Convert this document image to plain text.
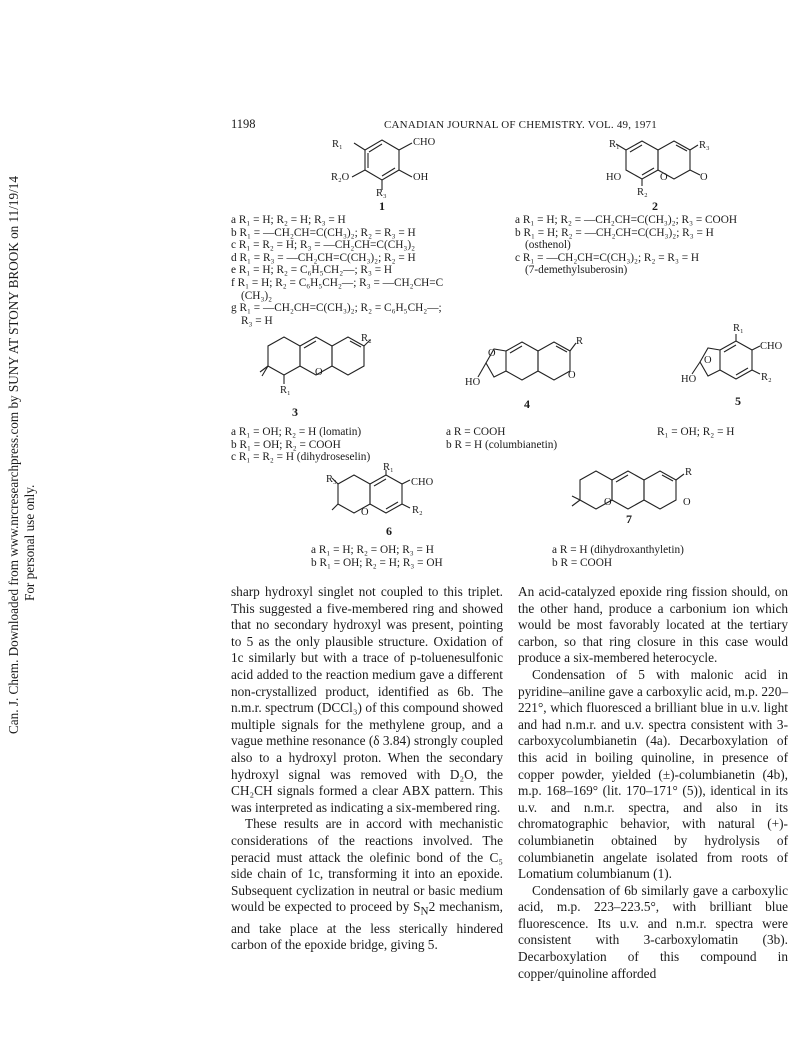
Can. J. Chem. Downloaded from www.nrcresearchpress.com by SUNY AT STONY BROOK on 11/19/14 For personal use only.
1198	CANADIAN JOURNAL OF CHEMISTRY. VOL. 49, 1971
R₁	CHO
R₂O	OH
R₃
1
R₁	R₃
HO	O	O
R₂
2
a R₁ = H; R₂ = H; R₃ = H
b R₁ = —CH₂CH=C(CH₃)₂; R₂ = R₃ = H
c R₁ = R₂ = H; R₃ = —CH₂CH=C(CH₃)₂
d R₁ = R₃ = —CH₂CH=C(CH₃)₂; R₂ = H
e R₁ = H; R₂ = C₆H₅CH₂—; R₃ = H
f R₁ = H; R₂ = C₆H₅CH₂—; R₃ = —CH₂CH=C
(CH₃)₂
g R₁ = —CH₂CH=C(CH₃)₂; R₂ = C₆H₅CH₂—;
R₃ = H
a R₁ = H; R₂ = —CH₂CH=C(CH₃)₂; R₃ = COOH
b R₁ = H; R₂ = —CH₂CH=C(CH₃)₂; R₃ = H
(osthenol)
c R₁ = —CH₂CH=C(CH₃)₂; R₂ = R₃ = H
(7-demethylsuberosin)
R₂
O
R₁
3
R
O
O
HO
4
R₁
CHO
O
HO	R₂
5
a R₁ = OH; R₂ = H (lomatin)
b R₁ = OH; R₂ = COOH
c R₁ = R₂ = H (dihydroseselin)
a R = COOH
b R = H (columbianetin)
R₁ = OH; R₂ = H
R₁
R₃	CHO
O	R₂
6
R
O	O
7
a R₁ = H; R₂ = OH; R₃ = H
b R₁ = OH; R₂ = H; R₃ = OH
a R = H (dihydroxanthyletin)
b R = COOH

sharp hydroxyl singlet not coupled to this triplet. This suggested a five-membered ring and showed that no secondary hydroxyl was present, pointing to 5 as the only plausible structure. Oxidation of 1c similarly but with a trace of p-toluenesulfonic acid added to the reaction medium gave a different non-crystallized product, identified as 6b. The n.m.r. spectrum (DCCl₃) of this compound showed multiple signals for the methylene group, and a vague methine resonance (δ 3.84) strongly coupled also to a hydroxyl proton. When the secondary hydroxyl signal was removed with D₂O, the CH₂CH signals formed a clear ABX pattern. This was interpreted as indicating a six-membered ring.

These results are in accord with mechanistic considerations of the reactions involved. The peracid must attack the olefinic bond of the C₅ side chain of 1c, transforming it into an epoxide. Subsequent cyclization in neutral or basic medium would be expected to proceed by $S_N2$ mechanism, and take place at the less sterically hindered carbon of the epoxide bridge, giving 5.

An acid-catalyzed epoxide ring fission should, on the other hand, produce a carbonium ion which would be most favorably located at the tertiary carbon, so that ring closure in this case would produce a six-membered heterocycle.

Condensation of 5 with malonic acid in pyridine–aniline gave a carboxylic acid, m.p. 220–221°, which fluoresced a brilliant blue in u.v. light and had n.m.r. and u.v. spectra consistent with 3-carboxycolumbianetin (4a). Decarboxylation of this acid in boiling quinoline, in presence of copper powder, yielded (±)-columbianetin (4b), m.p. 168–169° (lit. 170–171° (5)), identical in its u.v. and n.m.r. spectra, and also in its chromatographic behavior, with natural (+)-columbianetin obtained by hydrolysis of columbianetin angelate isolated from roots of Lomatium columbianum (1).

Condensation of 6b similarly gave a carboxylic acid, m.p. 223–223.5°, with brilliant blue fluorescence. Its u.v. and n.m.r. spectra were consistent with 3-carboxylomatin (3b). Decarboxylation of this compound in copper/quinoline afforded
